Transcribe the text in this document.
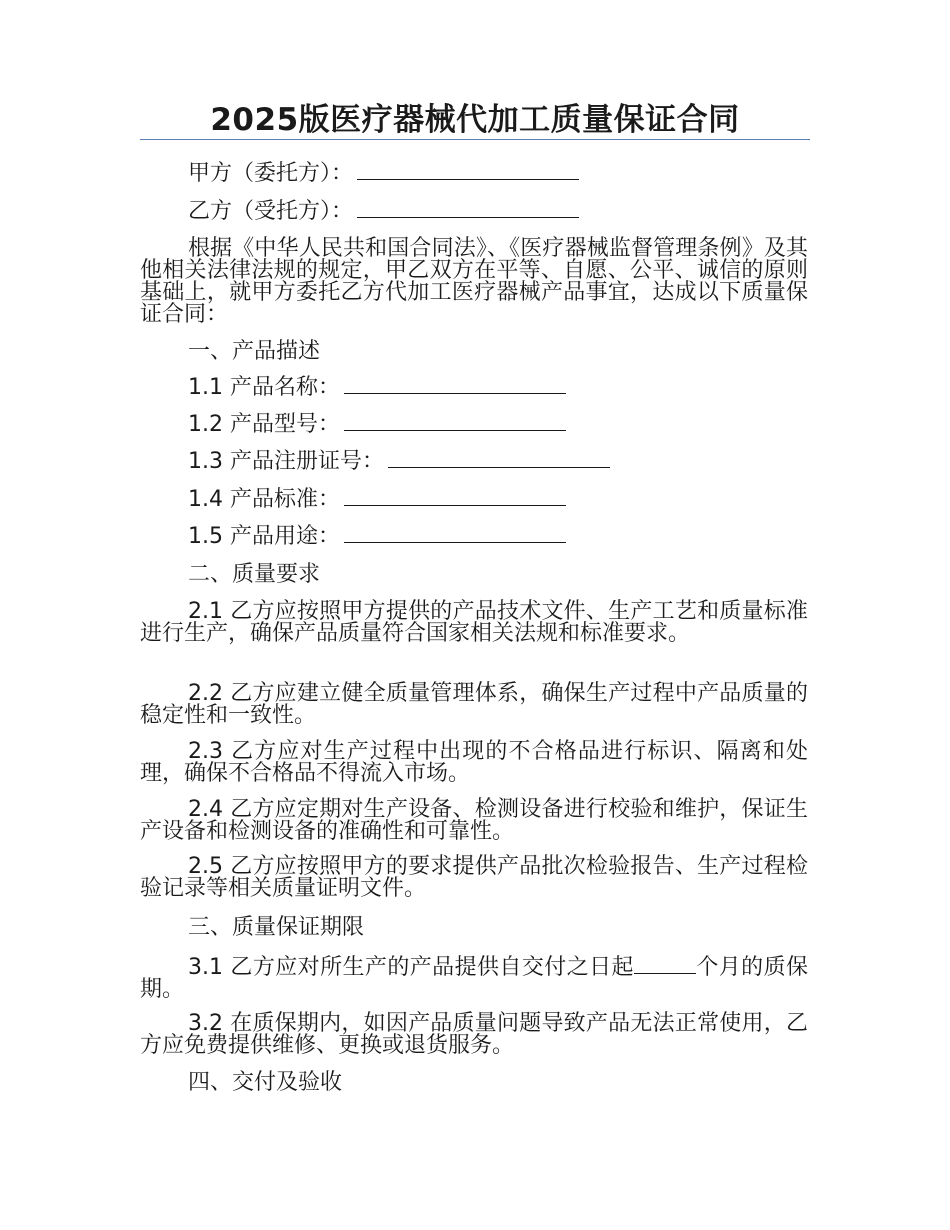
2025版医疗器械代加工质量保证合同
甲方（委托方）：
乙方（受托方）：
根据《中华人民共和国合同法》、《医疗器械监督管理条例》及其他相关法律法规的规定，甲乙双方在平等、自愿、公平、诚信的原则基础上，就甲方委托乙方代加工医疗器械产品事宜，达成以下质量保证合同：
一、产品描述
1.1 产品名称：
1.2 产品型号：
1.3 产品注册证号：
1.4 产品标准：
1.5 产品用途：
二、质量要求
2.1 乙方应按照甲方提供的产品技术文件、生产工艺和质量标准进行生产，确保产品质量符合国家相关法规和标准要求。
2.2 乙方应建立健全质量管理体系，确保生产过程中产品质量的稳定性和一致性。
2.3 乙方应对生产过程中出现的不合格品进行标识、隔离和处理，确保不合格品不得流入市场。
2.4 乙方应定期对生产设备、检测设备进行校验和维护，保证生产设备和检测设备的准确性和可靠性。
2.5 乙方应按照甲方的要求提供产品批次检验报告、生产过程检验记录等相关质量证明文件。
三、质量保证期限
3.1 乙方应对所生产的产品提供自交付之日起	个月的质保期。
3.2 在质保期内，如因产品质量问题导致产品无法正常使用，乙方应免费提供维修、更换或退货服务。
四、交付及验收
